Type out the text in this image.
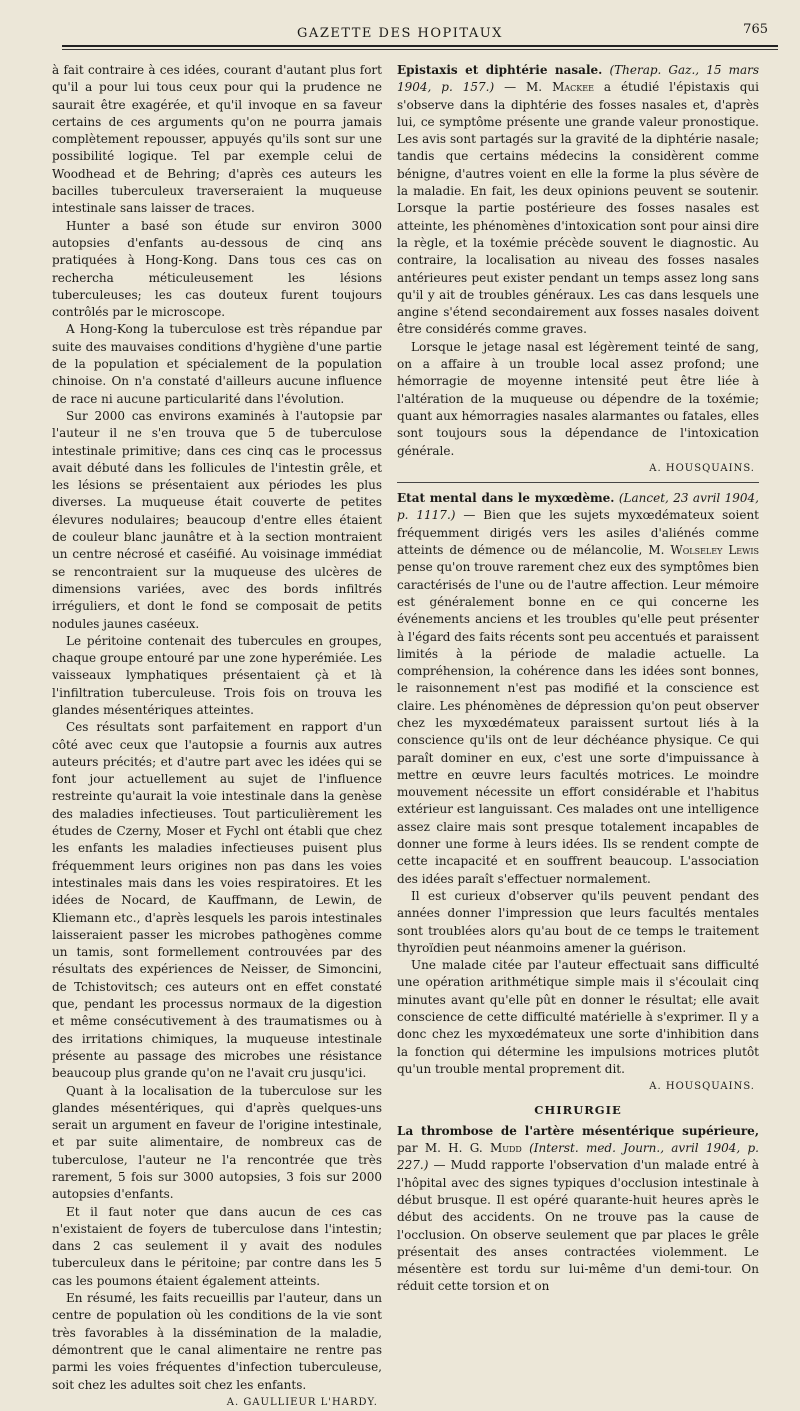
GAZETTE DES HOPITAUX	765

à fait contraire à ces idées, courant d'autant plus fort qu'il a pour lui tous ceux pour qui la prudence ne saurait être exagérée, et qu'il invoque en sa faveur certains de ces arguments qu'on ne pourra jamais complètement repousser, appuyés qu'ils sont sur une possibilité logique. Tel par exemple celui de Woodhead et de Behring; d'après ces auteurs les bacilles tuberculeux traverseraient la muqueuse intestinale sans laisser de traces.

Hunter a basé son étude sur environ 3000 autopsies d'enfants au-dessous de cinq ans pratiquées à Hong-Kong. Dans tous ces cas on rechercha méticuleusement les lésions tuberculeuses; les cas douteux furent toujours contrôlés par le microscope.

A Hong-Kong la tuberculose est très répandue par suite des mauvaises conditions d'hygiène d'une partie de la population et spécialement de la population chinoise. On n'a constaté d'ailleurs aucune influence de race ni aucune particularité dans l'évolution.

Sur 2000 cas environs examinés à l'autopsie par l'auteur il ne s'en trouva que 5 de tuberculose intestinale primitive; dans ces cinq cas le processus avait débuté dans les follicules de l'intestin grêle, et les lésions se présentaient aux périodes les plus diverses. La muqueuse était couverte de petites élevures nodulaires; beaucoup d'entre elles étaient de couleur blanc jaunâtre et à la section montraient un centre nécrosé et caséifié. Au voisinage immédiat se rencontraient sur la muqueuse des ulcères de dimensions variées, avec des bords infiltrés irréguliers, et dont le fond se composait de petits nodules jaunes caséeux.

Le péritoine contenait des tubercules en groupes, chaque groupe entouré par une zone hyperémiée. Les vaisseaux lymphatiques présentaient çà et là l'infiltration tuberculeuse. Trois fois on trouva les glandes mésentériques atteintes.

Ces résultats sont parfaitement en rapport d'un côté avec ceux que l'autopsie a fournis aux autres auteurs précités; et d'autre part avec les idées qui se font jour actuellement au sujet de l'influence restreinte qu'aurait la voie intestinale dans la genèse des maladies infectieuses. Tout particulièrement les études de Czerny, Moser et Fychl ont établi que chez les enfants les maladies infectieuses puisent plus fréquemment leurs origines non pas dans les voies intestinales mais dans les voies respiratoires. Et les idées de Nocard, de Kauffmann, de Lewin, de Kliemann etc., d'après lesquels les parois intestinales laisseraient passer les microbes pathogènes comme un tamis, sont formellement controuvées par des résultats des expériences de Neisser, de Simoncini, de Tchistovitsch; ces auteurs ont en effet constaté que, pendant les processus normaux de la digestion et même consécutivement à des traumatismes ou à des irritations chimiques, la muqueuse intestinale présente au passage des microbes une résistance beaucoup plus grande qu'on ne l'avait cru jusqu'ici.

Quant à la localisation de la tuberculose sur les glandes mésentériques, qui d'après quelques-uns serait un argument en faveur de l'origine intestinale, et par suite alimentaire, de nombreux cas de tuberculose, l'auteur ne l'a rencontrée que très rarement, 5 fois sur 3000 autopsies, 3 fois sur 2000 autopsies d'enfants.

Et il faut noter que dans aucun de ces cas n'existaient de foyers de tuberculose dans l'intestin; dans 2 cas seulement il y avait des nodules tuberculeux dans le péritoine; par contre dans les 5 cas les poumons étaient également atteints.

En résumé, les faits recueillis par l'auteur, dans un centre de population où les conditions de la vie sont très favorables à la dissémination de la maladie, démontrent que le canal alimentaire ne rentre pas parmi les voies fréquentes d'infection tuberculeuse, soit chez les adultes soit chez les enfants.

A. GAULLIEUR L'HARDY.

Epistaxis et diphtérie nasale. (Therap. Gaz., 15 mars 1904, p. 157.) — M. Mackee a étudié l'épistaxis qui s'observe dans la diphtérie des fosses nasales et, d'après lui, ce symptôme présente une grande valeur pronostique. Les avis sont partagés sur la gravité de la diphtérie nasale; tandis que certains médecins la considèrent comme bénigne, d'autres voient en elle la forme la plus sévère de la maladie. En fait, les deux opinions peuvent se soutenir. Lorsque la partie postérieure des fosses nasales est atteinte, les phénomènes d'intoxication sont pour ainsi dire la règle, et la toxémie précède souvent le diagnostic. Au contraire, la localisation au niveau des fosses nasales antérieures peut exister pendant un temps assez long sans qu'il y ait de troubles généraux. Les cas dans lesquels une angine s'étend secondairement aux fosses nasales doivent être considérés comme graves.

Lorsque le jetage nasal est légèrement teinté de sang, on a affaire à un trouble local assez profond; une hémorragie de moyenne intensité peut être liée à l'altération de la muqueuse ou dépendre de la toxémie; quant aux hémorragies nasales alarmantes ou fatales, elles sont toujours sous la dépendance de l'intoxication générale.

A. HOUSQUAINS.

Etat mental dans le myxœdème. (Lancet, 23 avril 1904, p. 1117.) — Bien que les sujets myxœdémateux soient fréquemment dirigés vers les asiles d'aliénés comme atteints de démence ou de mélancolie, M. Wolseley Lewis pense qu'on trouve rarement chez eux des symptômes bien caractérisés de l'une ou de l'autre affection. Leur mémoire est généralement bonne en ce qui concerne les événements anciens et les troubles qu'elle peut présenter à l'égard des faits récents sont peu accentués et paraissent limités à la période de maladie actuelle. La compréhension, la cohérence dans les idées sont bonnes, le raisonnement n'est pas modifié et la conscience est claire. Les phénomènes de dépression qu'on peut observer chez les myxœdémateux paraissent surtout liés à la conscience qu'ils ont de leur déchéance physique. Ce qui paraît dominer en eux, c'est une sorte d'impuissance à mettre en œuvre leurs facultés motrices. Le moindre mouvement nécessite un effort considérable et l'habitus extérieur est languissant. Ces malades ont une intelligence assez claire mais sont presque totalement incapables de donner une forme à leurs idées. Ils se rendent compte de cette incapacité et en souffrent beaucoup. L'association des idées paraît s'effectuer normalement.

Il est curieux d'observer qu'ils peuvent pendant des années donner l'impression que leurs facultés mentales sont troublées alors qu'au bout de ce temps le traitement thyroïdien peut néanmoins amener la guérison.

Une malade citée par l'auteur effectuait sans difficulté une opération arithmétique simple mais il s'écoulait cinq minutes avant qu'elle pût en donner le résultat; elle avait conscience de cette difficulté matérielle à s'exprimer. Il y a donc chez les myxœdémateux une sorte d'inhibition dans la fonction qui détermine les impulsions motrices plutôt qu'un trouble mental proprement dit.

A. HOUSQUAINS.

CHIRURGIE

La thrombose de l'artère mésentérique supérieure, par M. H. G. Mudd (Interst. med. Journ., avril 1904, p. 227.) — Mudd rapporte l'observation d'un malade entré à l'hôpital avec des signes typiques d'occlusion intestinale à début brusque. Il est opéré quarante-huit heures après le début des accidents. On ne trouve pas la cause de l'occlusion. On observe seulement que par places le grêle présentait des anses contractées violemment. Le mésentère est tordu sur lui-même d'un demi-tour. On réduit cette torsion et on
